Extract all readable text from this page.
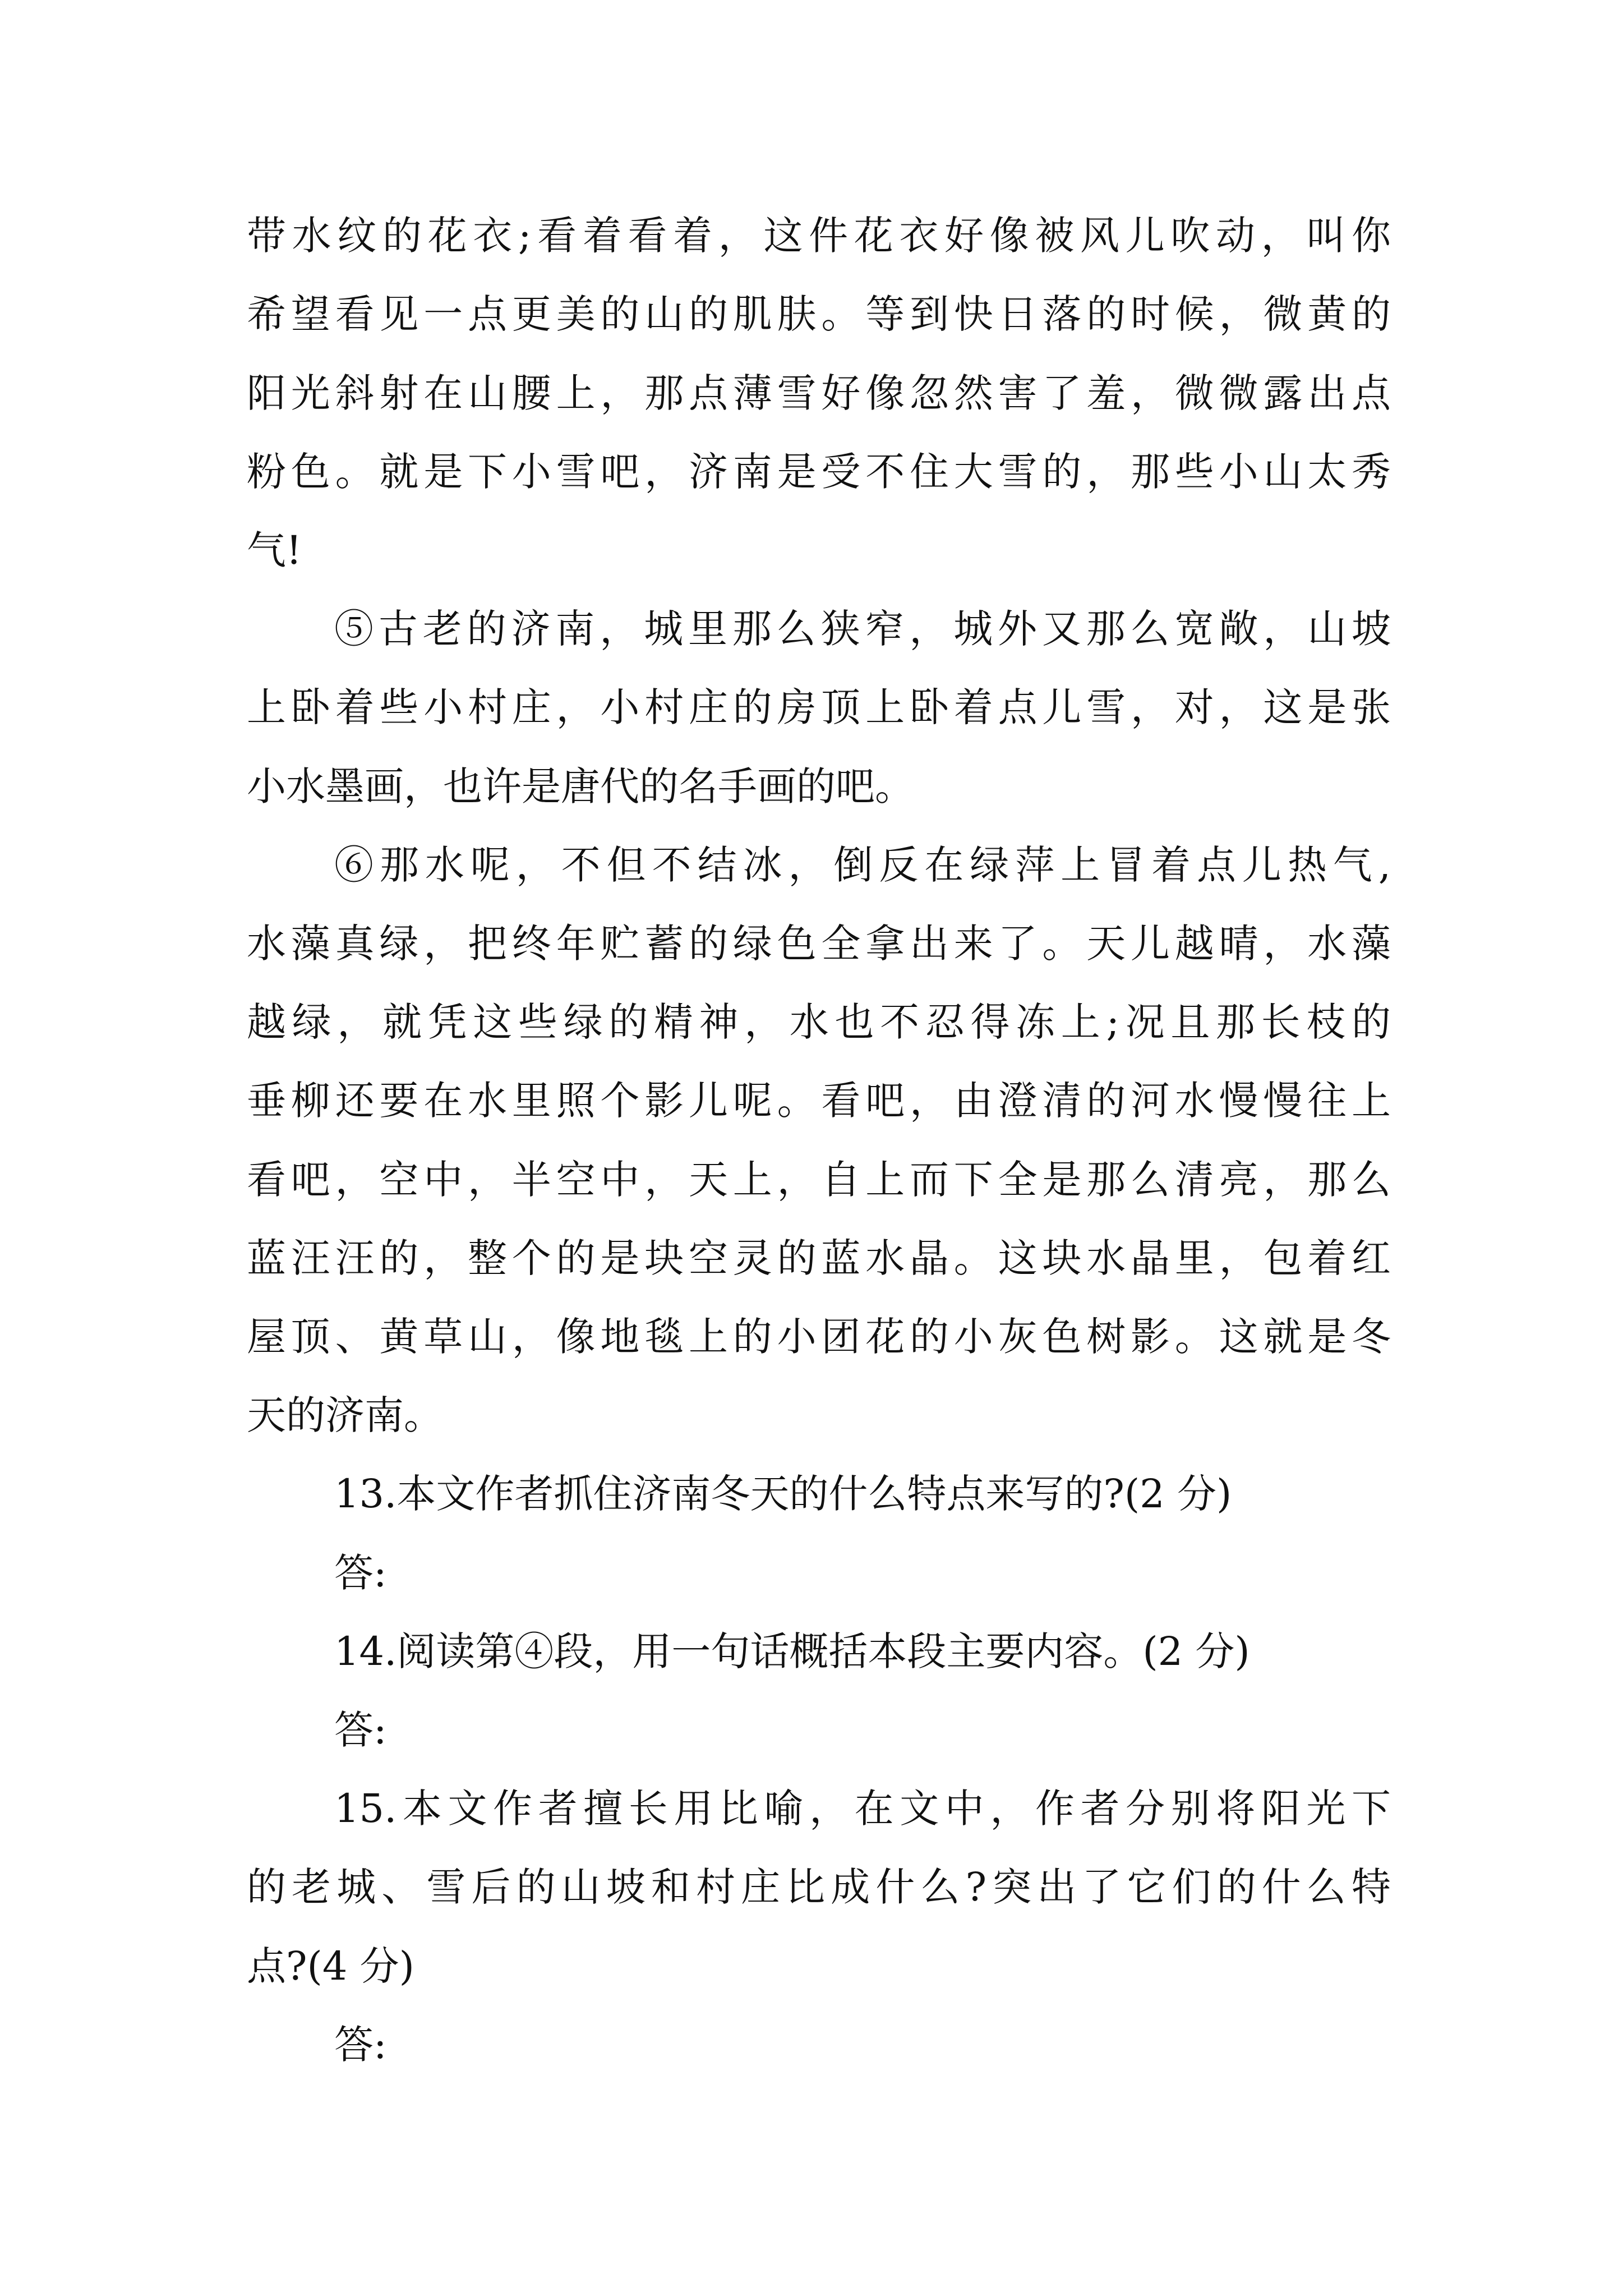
带水纹的花衣;看着看着，这件花衣好像被风儿吹动，叫你
希望看见一点更美的山的肌肤。等到快日落的时候，微黄的
阳光斜射在山腰上，那点薄雪好像忽然害了羞，微微露出点
粉色。就是下小雪吧，济南是受不住大雪的，那些小山太秀
气!
⑤古老的济南，城里那么狭窄，城外又那么宽敞，山坡
上卧着些小村庄，小村庄的房顶上卧着点儿雪，对，这是张
小水墨画，也许是唐代的名手画的吧。
⑥那水呢，不但不结冰，倒反在绿萍上冒着点儿热气,
水藻真绿，把终年贮蓄的绿色全拿出来了。天儿越晴，水藻
越绿，就凭这些绿的精神，水也不忍得冻上;况且那长枝的
垂柳还要在水里照个影儿呢。看吧，由澄清的河水慢慢往上
看吧，空中，半空中，天上，自上而下全是那么清亮，那么
蓝汪汪的，整个的是块空灵的蓝水晶。这块水晶里，包着红
屋顶、黄草山，像地毯上的小团花的小灰色树影。这就是冬
天的济南。
13.本文作者抓住济南冬天的什么特点来写的?(2 分)
答:
14.阅读第④段，用一句话概括本段主要内容。(2 分)
答:
15.本文作者擅长用比喻，在文中，作者分别将阳光下
的老城、雪后的山坡和村庄比成什么?突出了它们的什么特
点?(4 分)
答:
